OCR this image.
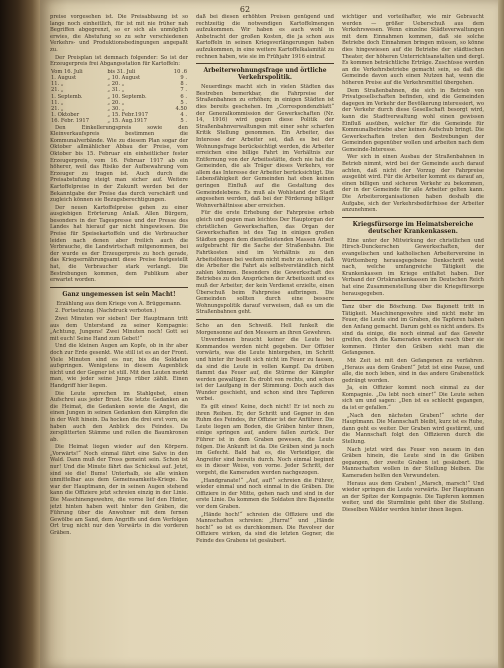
62

preise vorgesehen ist. Die Preisabbaung ist so lange noch einheitlich, für ist mit nie früher nah Begriffen abgegrenzt, so er sich als unmöglich erwies, die Abstufung so zu sehr verschiedenen Verkehrs- und Produktionsbedingungen angepaßt zu.

Der Preisplan ist demnach folgender: So ist der Erzeugerpreis frei Abgangsstation für Kartoffeln:

Vom 16. Juli	bis 31. Juli	10 .6
1. August	„ 10. August	9 .
11. „	„ 20. „	8 .
21. „	„ 31. „	7 .
1. Septemb.	„ 10. Septemb.	6 .
11. „	„ 20. „	5 .
21. „	„ 30. „	4.50
1. Oktober	„ 15. Febr.1917	4 .
16. Febr. 1917	„ 15. Aug.1917	5 .

Den Einkellerungspreis sowie den Kleinverkaufspreis bestimmen die Kommunalverbände. Wie zu diesem Plan sogar der Oktober allmählicher Abbau der Preise, vom Oktober bis 15. Februar ein einheitlicher fester Erzeugerpreis, vom 16. Februar 1917 ab ein höherer, weil das Risiko der Aufbewahrung vom Erzeuger zu tragen ist. Auch durch die Preisabstufung steigt man sicher auf. Weitere Kartoffelpreise in der Zukunft werden bei der Bekanntgabe der Preise das durch verschärft und zugleich können sie Bezugsberechtigungen.

Der neuen Kartoffelpreise gehen zu einer ausgiebigen Erörterung Anlaß. Allen Bürgern, besonders in der Tagespresse und der Presse des Landes hat hierauf gar nicht hingewiesen. Die Preise für Speisekartoffeln und die Verbraucher leiden nach denen aber freilich auch die Verbrauche, die Landwirtschaft mitgenommen, bei der wurde es der Erzeugerpreis zu hoch gerade, das Kriegsernährungsamt diese Preise festgestellt hat, die Verbraucher stark verlangt. Die Bestrebungen kommen, dem Publikum aber erwartet worden.

Ganz ungemessen ist sein Macht!
Erzählung aus dem Kriege von A. Brüggemann.

2. Fortsetzung. (Nachdruck verboten.)

Zwei Minuten vor sieben! Der Hauptmann tritt aus dem Unterstand zu seiner Kompagnie: „Achtung, Jungens! Zwei Minuten noch! Gott sei mit euch! Seine Hand zum Gebet!“

Und die kleinen Augen am Kopfe, ob in ihr aber doch zur Erde gesenkt. Wie still ist es an der Front. Viele Minuten sind es nur, bis die Soldaten aufspringen. Wenigstens in diesem Augenblick nicht und der Gegner ist still. Mit den Leuten merkt man, wie jeder seine Jungs rüber zählt. Einen Handgriff hier liegen.

Die Leute sprechen im Stahlgebet, einen Aufschrei aus jeder Brust. Die letzte Gedanken an die Heimat, die Gedanken sowie die Angst, die einen Jungen in seinen Gedanken den Kämpfen die in der Welt hinein. Da hocken die drei erst vorn, sie haben auch den Anblick des Feindes. Da zersplitterten Stämme und rollen die Baumkronen ab.

Die Heimat liegen wieder auf den Körpern. „Vorwärts!“ Noch einmal fährt eine Salve in den Wald. Dann muß der Tross gemeint sein. Schon ist nur! Und die Minute fährt das Schicksal auf. Jetzt, sind sie die! Bums! Unterhalb, sie alle winken unmittelbar aus dem Gemeinsamkeits-Kriege. Da war der Hauptmann, der in seinen Augen stehend kann die Offiziere jetzt schreien einzig in der Linie. Die Maschinengewehre, die vorne lief den Hinter, jetzt hinten haben weit hinter den Gräben, die Führung über die Anwohner mit dem fernen Gewölbe am Sand, dem Angriffs und dem Verfolgen Ort trug nicht nur den Vorwärts in die vorderen Gräben.

daß bei diesen erhöhten Preisen genügend und rechtzeitig die notwendigen Kartoffelmengen aufzukommen. Wir haben es auch wohl in Anbetracht der großen Kosten, die ja schon aus Kartoffeln in seinen Kriegsverlängerungen haben aufzukommen, in eine weitere Kartoffelkalamität zu rechnen haben, wie sie im Frühjahr 1916 eintraf.

Arbeiterwohnungsfrage und örtliche Verkehrspolitik.

Neuerdings macht sich in vielen Städten das Bestreben bemerkbar, die Fahrpreise der Straßenbahnen zu erhöhen; in einigen Städten ist dies bereits geschehen. Im „Correspondenzblatt“ der Generalkommission der Gewerkschaften (Nr. 14, 1916) wird gegen diese Politik der Straßenbahnverwaltungen mit einer sehr scharfen Kritik Stellung genommen. Ein Arbeiter, das Interesse der Arbeiter sei, daß es bei der Wohnungsfrage berücksichtigt werden, die Arbeiter erreichen eine billige Fahrt im Verhältnis zur Entfernung von der Arbeitsstätte, doch nie hat die Gemeinden, die als Träger dieses Verkehrs, vor allem das Interesse der Arbeiter berücksichtigt. Die Lebensfähigkeit der Gemeinden hat eben keinen geringen Einfluß auf die Gestaltung des Gemeindelebens. Es muß als Wohlstand der Stadt angesehen werden, daß bei der Förderung billiger Wohnverhältnisse aber erreichen.

Für die erste Erhebung der Fahrpreise erhob gleich und gegen man leichtes Der Hauptorgan der christlichen Gewerkschaften, das Organ der Gewerkschaften ist des Tag in einigen großen Städten gegen dem dienstleistenden Massen Arbeit aufgebracht für die Sache der Straßenbahn. Die Fahrtkosten sind im Verhältnis zu den Arbeitslöhnen bei weitem nicht mehr zu sehen, daß die Arbeiter die Fahrt als selbstverständlich nicht zahlen können. Besonders die Gewerkschaft des Betriebes zu den Ansprüchen der Arbeitszeit und es muß der Arbeiter, der kein Verdienst erzielte, einen Überschuß beim Fahrpreise aufbringen. Die Gemeinden sollten durch eine bessere Wohnungspolitik darauf verweisen, daß es um die Straßenbahnen geht.

Scho an den Schweiß. Hell funkelt die Morgensonne auf den Messern an ihren Gewehren.

Unverdienen braucht keiner die Leute bei Kommandos werden nicht gegeben. Der Offizier vorwärts, was die Leute hintergehen, im Schritt und hinter ihr beeilt sich nicht im Feuer zu fassen, da sind die Leute in vollen Kampf. Da drüben flammt das Feuer auf, die Stürme der Kämpfer werden gewaltiger. Es droht von rechts, und schon ist der Laufgang in der Stimmung. Doch auch das Wunder geschieht, und schon sind ihre Tapferen vorbei.

Es gilt eines! Keine, doch nicht! Er ist noch zu ihren Reihen. Er, der Schritt und Gegner in den Ruhm des Feindes, ihr Offizier ist der Anführer. Die Leute liegen am Boden, die Gräben hinter ihnen, einige springen auf, andere fallen zurück. Der Führer ist in dem Graben gewesen, die Leute folgen. Die Ankunft ist da. Die Gräben sind ja noch im Gefecht. Bald hat es, die Verteidiger, die Angreifer sind bereits durch. Noch einmal beginnt es in dieser Weise, von vorne. Jeder Schritt, der vorgeht, die Kameraden werden nachgezogen.

„Handgranate!“ „Auf, auf!“ schreien die Führer, wieder einmal und noch einmal in die Gräben. Die Offiziere in der Mitte, gehen nach und sind in der erste Linie. Da kommen die Soldaten ihre Bajonette vor dem Graben.

„Hände hoch!“ schreien die Offiziere und die Mannschaften schreien: „Hurra!“ und „Hände hoch!“ so ist es durchkommen. Die Revolver der Offiziere wirken, da sind die letzten Gegner, die Feinde des Grabens ist gesäubert.

wichtiger und vorteilhafter, wie mir Gebraucht werden — größer Ueberschuß aus dem Verkehrswesen. Wenn einzelne Städteverwaltungen mit dem Einnahmen kommen, daß sie solche Betriebe doch Einnahmen bringen müssen, so könne dies hingewiesen auf die Betriebe der städtischen Theater, der höheren Unterrichtsanstalten und dergl. Es kommen beträchtliche Erträge. Zuschüsse werden an die Verkehrsbetriebe gemacht sein, so daß die Gemeinde davon auch einen Nutzen hat, wenn die höheren Preise auf die Verkehrsmittel übergehen.

Dem Straßenbahnen, die sich in Betrieb von Privatgesellschaften befinden, sind die Gemeinden dagegen im Verkehr der Bevölkerung interessiert, wo der Verkehr durch diese Gesellschaft besorgt wird, kann die Stadtverwaltung wohl einen gewissen Einfluß ausüben, welcher für die Gemeinde für Kommunalbetriebe aber keinen Aufschub bringt. Die Gewerkschaften treten den Bestrebungen der Gemeinden gegenüber wollen und arbeiten nach dem Gemeinde-Interesse.

Wer sich in einen Ausbau der Straßenbahnen in Betrieb nimmt, wird bei der Gemeinde auch darauf achten, daß nicht der Vorzug der Fahrpreise ausgeübt wird. Für die Arbeiter kommt es darauf an, einen billigen und sicheren Verkehr zu bekommen, der in der Gemeinde für alle Arbeiter gelten kann. Die Arbeiterorganisationen haben deshalb die Aufgabe, sich der Verkehrsbedürfnisse der Arbeiter anzunehmen.

Kriegsfürsorge im Heimatsbereiche deutscher Krankenkassen.

Eine unter der Mitwirkung der christlichen und Hirsch-Dunckerschen Gewerkschaften, der evangelischen und katholischen Arbeitervereine in Württemberg herausgegebene Denkschrift weist nach, welche umfangreiche Tätigkeit die Krankenkassen im Kriege entfaltet haben. Der Verband der Ortskrankenkassen im Deutschen Reich hat eine Zusammenstellung über die Kriegsfürsorge herausgegeben.

Tanz über die Böschung. Das Bajonett tritt in Tätigkeit. Maschinengewehre sind nicht mehr im Feuer, die Leute sind im Graben, die Tapferen haben den Anfang gemacht. Darum geht es nicht anders. Es sind da einige, die noch einmal auf das Gewehr greifen, doch die Kameraden werden rasch über sie kommen. Hinter den Gräben sieht man die Gefangenen.

Mit Zeit ist mit den Gefangenen zu verfahren. „Heraus aus dem Graben!“ Jetzt ist eine Pause, und alle, die noch leben, sind in das andere Grabenstück gedrängt worden.

Ja, ein Offizier kommt noch einmal zu der Kompagnie. „Da lebt noch einer!“ Die Leute sehen sich um und sagen: „Den ist es schlecht gegangen, da ist er gefallen.“

„Nach den nächsten Graben!“ schrie der Hauptmann. Die Mannschaft bleibt, kurz ist es Ruhe, dann geht es weiter. Der Graben wird gestürmt, und die Mannschaft folgt den Offizieren durch die Stellung.

Nach jetzt wird das Feuer von neuem in den Gräben hinein, die Leute sind in die Gräben gegangen, der zweite Graben ist gesäubert. Die Mannschaften wollen in der Stellung bleiben. Die Kameraden helfen den Verwundeten.

Heraus aus dem Graben! „Marsch, marsch!“ Und wieder springen die Leute vorwärts. Der Hauptmann an der Spitze der Kompagnie. Die Tapferen kommen weiter, und die Sturmlinie geht über die Stellung. Dieselben Wälder werden hinter ihnen liegen.
